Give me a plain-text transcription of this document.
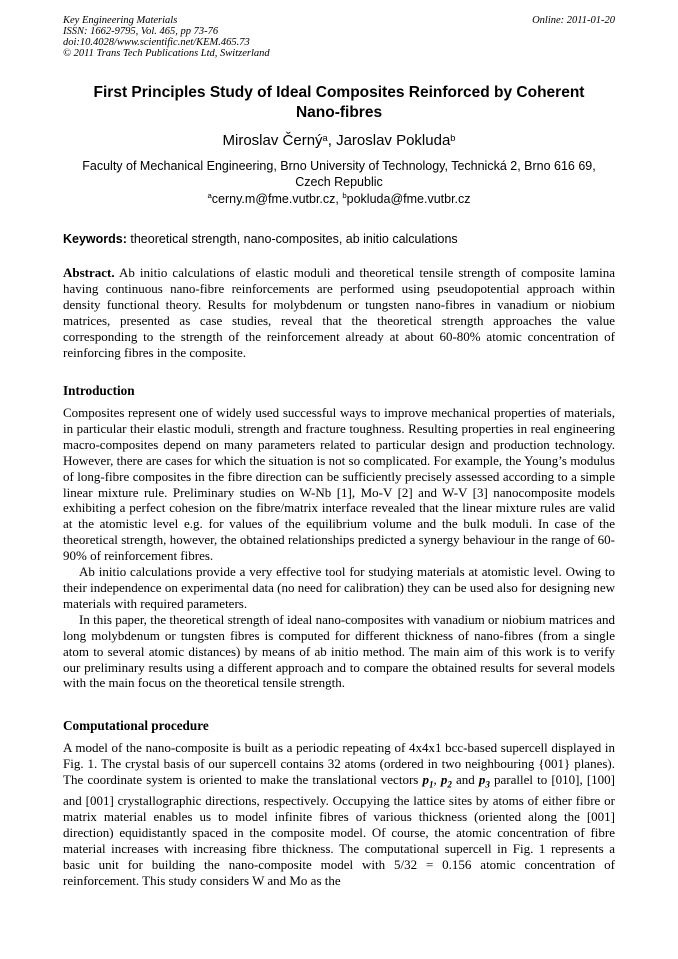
Key Engineering Materials
ISSN: 1662-9795, Vol. 465, pp 73-76
doi:10.4028/www.scientific.net/KEM.465.73
© 2011 Trans Tech Publications Ltd, Switzerland
Online: 2011-01-20
First Principles Study of Ideal Composites Reinforced by Coherent
Nano-fibres
Miroslav Černý$^a$, Jaroslav Pokluda$^b$
Faculty of Mechanical Engineering, Brno University of Technology, Technická 2, Brno 616 69,
Czech Republic
$^a$cerny.m@fme.vutbr.cz, $^b$pokluda@fme.vutbr.cz
Keywords: theoretical strength, nano-composites, ab initio calculations

Abstract. Ab initio calculations of elastic moduli and theoretical tensile strength of composite lamina having continuous nano-fibre reinforcements are performed using pseudopotential approach within density functional theory. Results for molybdenum or tungsten nano-fibres in vanadium or niobium matrices, presented as case studies, reveal that the theoretical strength approaches the value corresponding to the strength of the reinforcement already at about 60-80% atomic concentration of reinforcing fibres in the composite.

Introduction

Composites represent one of widely used successful ways to improve mechanical properties of materials, in particular their elastic moduli, strength and fracture toughness. Resulting properties in real engineering macro-composites depend on many parameters related to particular design and production technology. However, there are cases for which the situation is not so complicated. For example, the Young’s modulus of long-fibre composites in the fibre direction can be sufficiently precisely assessed according to a simple linear mixture rule. Preliminary studies on W-Nb [1], Mo-V [2] and W-V [3] nanocomposite models exhibiting a perfect cohesion on the fibre/matrix interface revealed that the linear mixture rules are valid at the atomistic level e.g. for values of the equilibrium volume and the bulk moduli. In case of the theoretical strength, however, the obtained relationships predicted a synergy behaviour in the range of 60-90% of reinforcement fibres.

Ab initio calculations provide a very effective tool for studying materials at atomistic level. Owing to their independence on experimental data (no need for calibration) they can be used also for designing new materials with required parameters.

In this paper, the theoretical strength of ideal nano-composites with vanadium or niobium matrices and long molybdenum or tungsten fibres is computed for different thickness of nano-fibres (from a single atom to several atomic distances) by means of ab initio method. The main aim of this work is to verify our preliminary results using a different approach and to compare the obtained results for several models with the main focus on the theoretical tensile strength.

Computational procedure

A model of the nano-composite is built as a periodic repeating of 4x4x1 bcc-based supercell displayed in Fig. 1. The crystal basis of our supercell contains 32 atoms (ordered in two neighbouring {001} planes). The coordinate system is oriented to make the translational vectors $p_1$, $p_2$ and $p_3$ parallel to [010], [100] and [001] crystallographic directions, respectively. Occupying the lattice sites by atoms of either fibre or matrix material enables us to model infinite fibres of various thickness (oriented along the [001] direction) equidistantly spaced in the composite model. Of course, the atomic concentration of fibre material increases with increasing fibre thickness. The computational supercell in Fig. 1 represents a basic unit for building the nano-composite model with 5/32 = 0.156 atomic concentration of reinforcement. This study considers W and Mo as the
